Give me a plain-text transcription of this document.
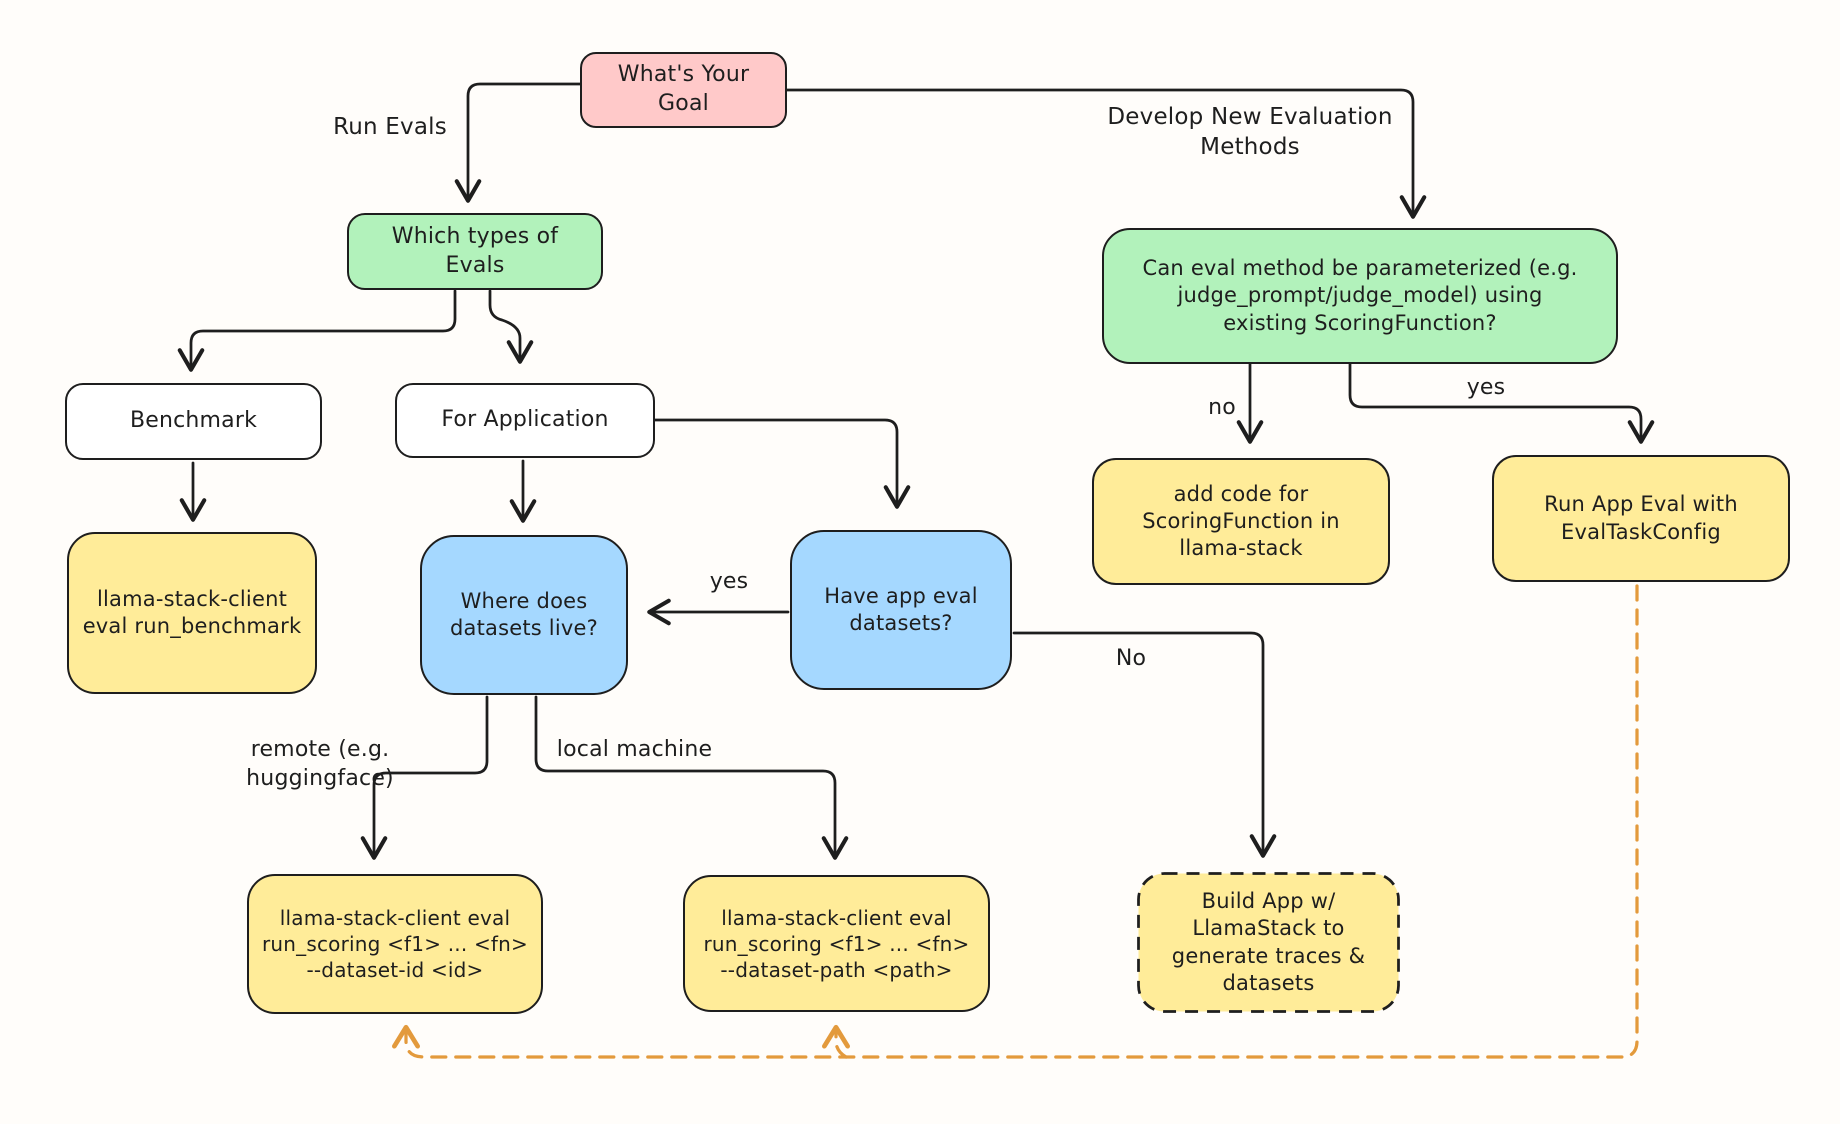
What's Your Goal
Which types of Evals
Benchmark	For Application
llama-stack-client eval run_benchmark
Where does datasets live?
Have app eval datasets?
Can eval method be parameterized (e.g. judge_prompt/judge_model) using existing ScoringFunction?
add code for ScoringFunction in llama-stack
Run App Eval with EvalTaskConfig
llama-stack-client eval run_scoring <f1> ... <fn> --dataset-id <id>
llama-stack-client eval run_scoring <f1> ... <fn> --dataset-path <path>
Build App w/ LlamaStack to generate traces & datasets
Run Evals	Develop New Evaluation Methods
no
yes
yes
No
remote (e.g. huggingface)
local machine
